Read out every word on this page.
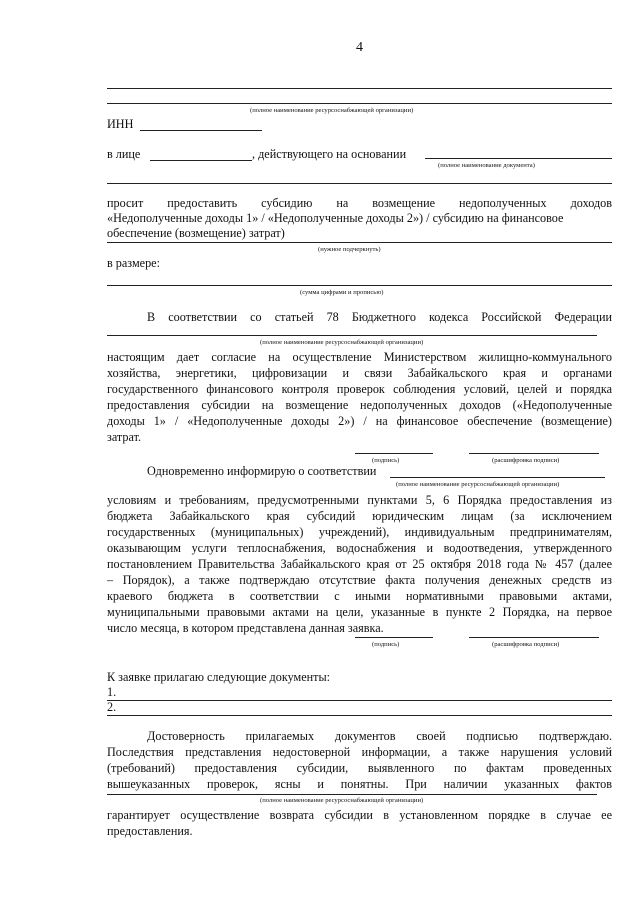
4
(полное наименование ресурсоснабжающей организации)
ИНН
в лице	, действующего на основании
(полное наименование документа)
просит предоставить субсидию на возмещение недополученных доходов
«Недополученные доходы 1» / «Недополученные доходы 2») / субсидию на финансовое
обеспечение (возмещение) затрат)
(нужное подчеркнуть)
в размере:
(сумма цифрами и прописью)
В соответствии со статьей 78 Бюджетного кодекса Российской Федерации
(полное наименование ресурсоснабжающей организации)
настоящим дает согласие на осуществление Министерством жилищно-коммунального
хозяйства, энергетики, цифровизации и связи Забайкальского края и органами
государственного финансового контроля проверок соблюдения условий, целей и порядка
предоставления субсидии на возмещение недополученных доходов («Недополученные
доходы 1» / «Недополученные доходы 2») / на финансовое обеспечение (возмещение)
затрат.
(подпись)	(расшифровка подписи)
Одновременно информирую о соответствии
(полное наименование ресурсоснабжающей организации)
условиям и требованиям, предусмотренными пунктами 5, 6 Порядка предоставления из
бюджета Забайкальского края субсидий юридическим лицам (за исключением
государственных (муниципальных) учреждений), индивидуальным предпринимателям,
оказывающим услуги теплоснабжения, водоснабжения и водоотведения, утвержденного
постановлением Правительства Забайкальского края от 25 октября 2018 года № 457 (далее
– Порядок), а также подтверждаю отсутствие факта получения денежных средств из
краевого бюджета в соответствии с иными нормативными правовыми актами,
муниципальными правовыми актами на цели, указанные в пункте 2 Порядка, на первое
число месяца, в котором представлена данная заявка.
(подпись)	(расшифровка подписи)
К заявке прилагаю следующие документы:
1.
2.
Достоверность прилагаемых документов своей подписью подтверждаю.
Последствия представления недостоверной информации, а также нарушения условий
(требований) предоставления субсидии, выявленного по фактам проведенных
вышеуказанных проверок, ясны и понятны. При наличии указанных фактов
(полное наименование ресурсоснабжающей организации)
гарантирует осуществление возврата субсидии в установленном порядке в случае ее
предоставления.
